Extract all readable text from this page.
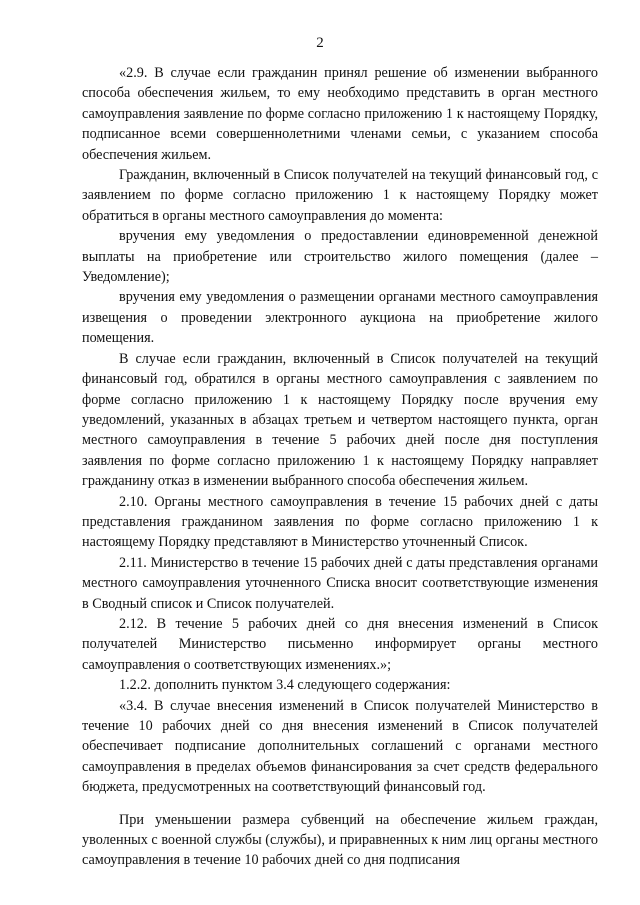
2

«2.9. В случае если гражданин принял решение об изменении выбранного способа обеспечения жильем, то ему необходимо представить в орган местного самоуправления заявление по форме согласно приложению 1 к настоящему Порядку, подписанное всеми совершеннолетними членами семьи, с указанием способа обеспечения жильем.

Гражданин, включенный в Список получателей на текущий финансовый год, с заявлением по форме согласно приложению 1 к настоящему Порядку может обратиться в органы местного самоуправления до момента:

вручения ему уведомления о предоставлении единовременной денежной выплаты на приобретение или строительство жилого помещения (далее – Уведомление);

вручения ему уведомления о размещении органами местного самоуправления извещения о проведении электронного аукциона на приобретение жилого помещения.

В случае если гражданин, включенный в Список получателей на текущий финансовый год, обратился в органы местного самоуправления с заявлением по форме согласно приложению 1 к настоящему Порядку после вручения ему уведомлений, указанных в абзацах третьем и четвертом настоящего пункта, орган местного самоуправления в течение 5 рабочих дней после дня поступления заявления по форме согласно приложению 1 к настоящему Порядку направляет гражданину отказ в изменении выбранного способа обеспечения жильем.

2.10. Органы местного самоуправления в течение 15 рабочих дней с даты представления гражданином заявления по форме согласно приложению 1 к настоящему Порядку представляют в Министерство уточненный Список.

2.11. Министерство в течение 15 рабочих дней с даты представления органами местного самоуправления уточненного Списка вносит соответствующие изменения в Сводный список и Список получателей.

2.12. В течение 5 рабочих дней со дня внесения изменений в Список получателей Министерство письменно информирует органы местного самоуправления о соответствующих изменениях.»;

1.2.2. дополнить пунктом 3.4 следующего содержания:

«3.4. В случае внесения изменений в Список получателей Министерство в течение 10 рабочих дней со дня внесения изменений в Список получателей обеспечивает подписание дополнительных соглашений с органами местного самоуправления в пределах объемов финансирования за счет средств федерального бюджета, предусмотренных на соответствующий финансовый год.

При уменьшении размера субвенций на обеспечение жильем граждан, уволенных с военной службы (службы), и приравненных к ним лиц органы местного самоуправления в течение 10 рабочих дней со дня подписания
